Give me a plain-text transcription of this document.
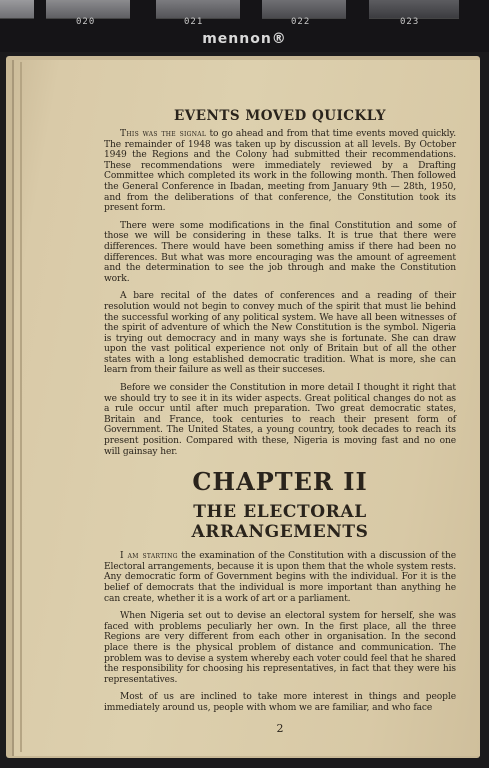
020	021	022	023
mennon®
EVENTS MOVED QUICKLY
This was the signal to go ahead and from that time events moved quickly. The remainder of 1948 was taken up by discussion at all levels. By October 1949 the Regions and the Colony had submitted their recommendations. These recommendations were immediately reviewed by a Drafting Committee which completed its work in the following month. Then followed the General Conference in Ibadan, meeting from January 9th — 28th, 1950, and from the deliberations of that conference, the Constitution took its present form.
There were some modifications in the final Constitution and some of those we will be considering in these talks. It is true that there were differences. There would have been something amiss if there had been no differences. But what was more encouraging was the amount of agreement and the determination to see the job through and make the Constitution work.
A bare recital of the dates of conferences and a reading of their resolution would not begin to convey much of the spirit that must lie behind the successful working of any political system. We have all been witnesses of the spirit of adventure of which the New Constitution is the symbol. Nigeria is trying out democracy and in many ways she is fortunate. She can draw upon the vast political experience not only of Britain but of all the other states with a long established democratic tradition. What is more, she can learn from their failure as well as their succeses.
Before we consider the Constitution in more detail I thought it right that we should try to see it in its wider aspects. Great political changes do not as a rule occur until after much preparation. Two great democratic states, Britain and France, took centuries to reach their present form of Government. The United States, a young country, took decades to reach its present position. Compared with these, Nigeria is moving fast and no one will gainsay her.
CHAPTER II
THE ELECTORAL ARRANGEMENTS
I am starting the examination of the Constitution with a discussion of the Electoral arrangements, because it is upon them that the whole system rests. Any democratic form of Government begins with the individual. For it is the belief of democrats that the individual is more important than anything he can create, whether it is a work of art or a parliament.
When Nigeria set out to devise an electoral system for herself, she was faced with problems peculiarly her own. In the first place, all the three Regions are very different from each other in organisation. In the second place there is the physical problem of distance and communication. The problem was to devise a system whereby each voter could feel that he shared the responsibility for choosing his representatives, in fact that they were his representatives.
Most of us are inclined to take more interest in things and people immediately around us, people with whom we are familiar, and who face
2
